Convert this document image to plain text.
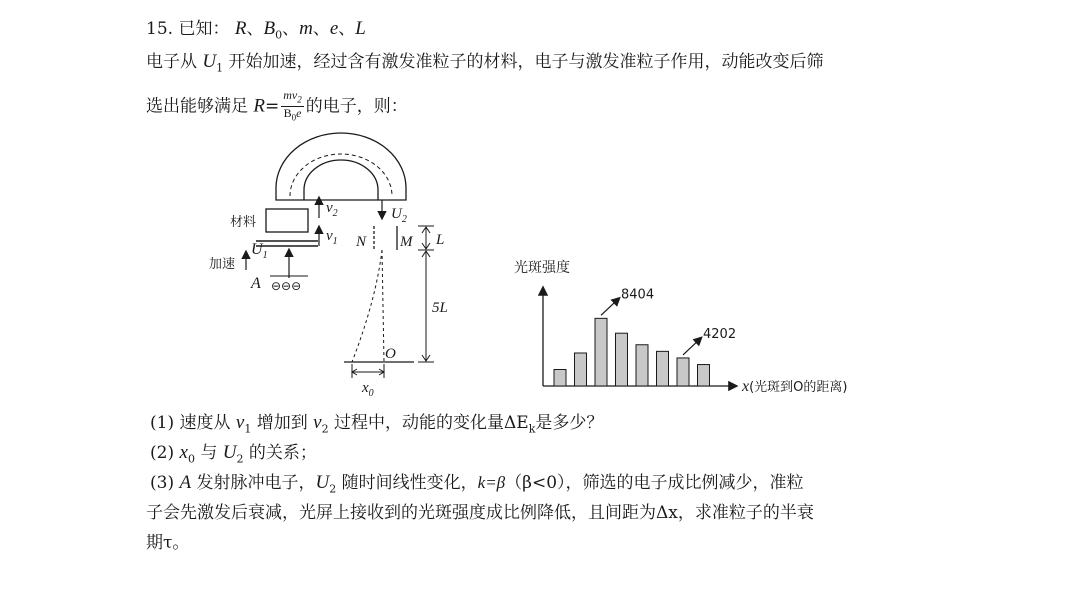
15. 已知： R、$B_0$、m、e、L
电子从 $U_1$ 开始加速，经过含有激发准粒子的材料，电子与激发准粒子作用，动能改变后筛
选出能够满足 $R= \frac{mv_2}{B_0e}$ 的电子，则：
材料
加速
$U_1$
$v_2$
$v_1$
A ⊖⊖⊖
$U_2$
N M
O
L
5L
$x_0$
光斑强度
x(光斑到O的距离)
8404
4202
(1) 速度从 $v_1$ 增加到 $v_2$ 过程中，动能的变化量$\Delta E_k$是多少？
(2) $x_0$ 与 $U_2$ 的关系；
(3) A 发射脉冲电子，$U_2$ 随时间线性变化，k=β（β<0），筛选的电子成比例减少，准粒
子会先激发后衰减，光屏上接收到的光斑强度成比例降低，且间距为Δx，求准粒子的半衰
期τ。
